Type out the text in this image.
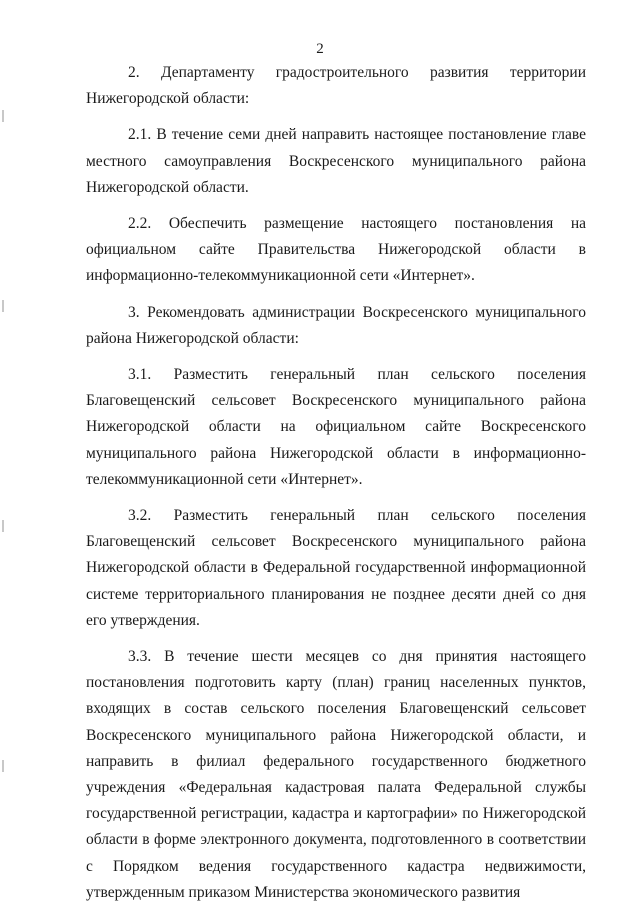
2

2. Департаменту градостроительного развития территории Нижегородской области:

2.1. В течение семи дней направить настоящее постановление главе местного самоуправления Воскресенского муниципального района Нижегородской области.

2.2. Обеспечить размещение настоящего постановления на официальном сайте Правительства Нижегородской области в информационно-телекоммуникационной сети «Интернет».

3. Рекомендовать администрации Воскресенского муниципального района Нижегородской области:

3.1. Разместить генеральный план сельского поселения Благовещенский сельсовет Воскресенского муниципального района Нижегородской области на официальном сайте Воскресенского муниципального района Нижегородской области в информационно-телекоммуникационной сети «Интернет».

3.2. Разместить генеральный план сельского поселения Благовещенский сельсовет Воскресенского муниципального района Нижегородской области в Федеральной государственной информационной системе территориального планирования не позднее десяти дней со дня его утверждения.

3.3. В течение шести месяцев со дня принятия настоящего постановления подготовить карту (план) границ населенных пунктов, входящих в состав сельского поселения Благовещенский сельсовет Воскресенского муниципального района Нижегородской области, и направить в филиал федерального государственного бюджетного учреждения «Федеральная кадастровая палата Федеральной службы государственной регистрации, кадастра и картографии» по Нижегородской области в форме электронного документа, подготовленного в соответствии с Порядком ведения государственного кадастра недвижимости, утвержденным приказом Министерства экономического развития
